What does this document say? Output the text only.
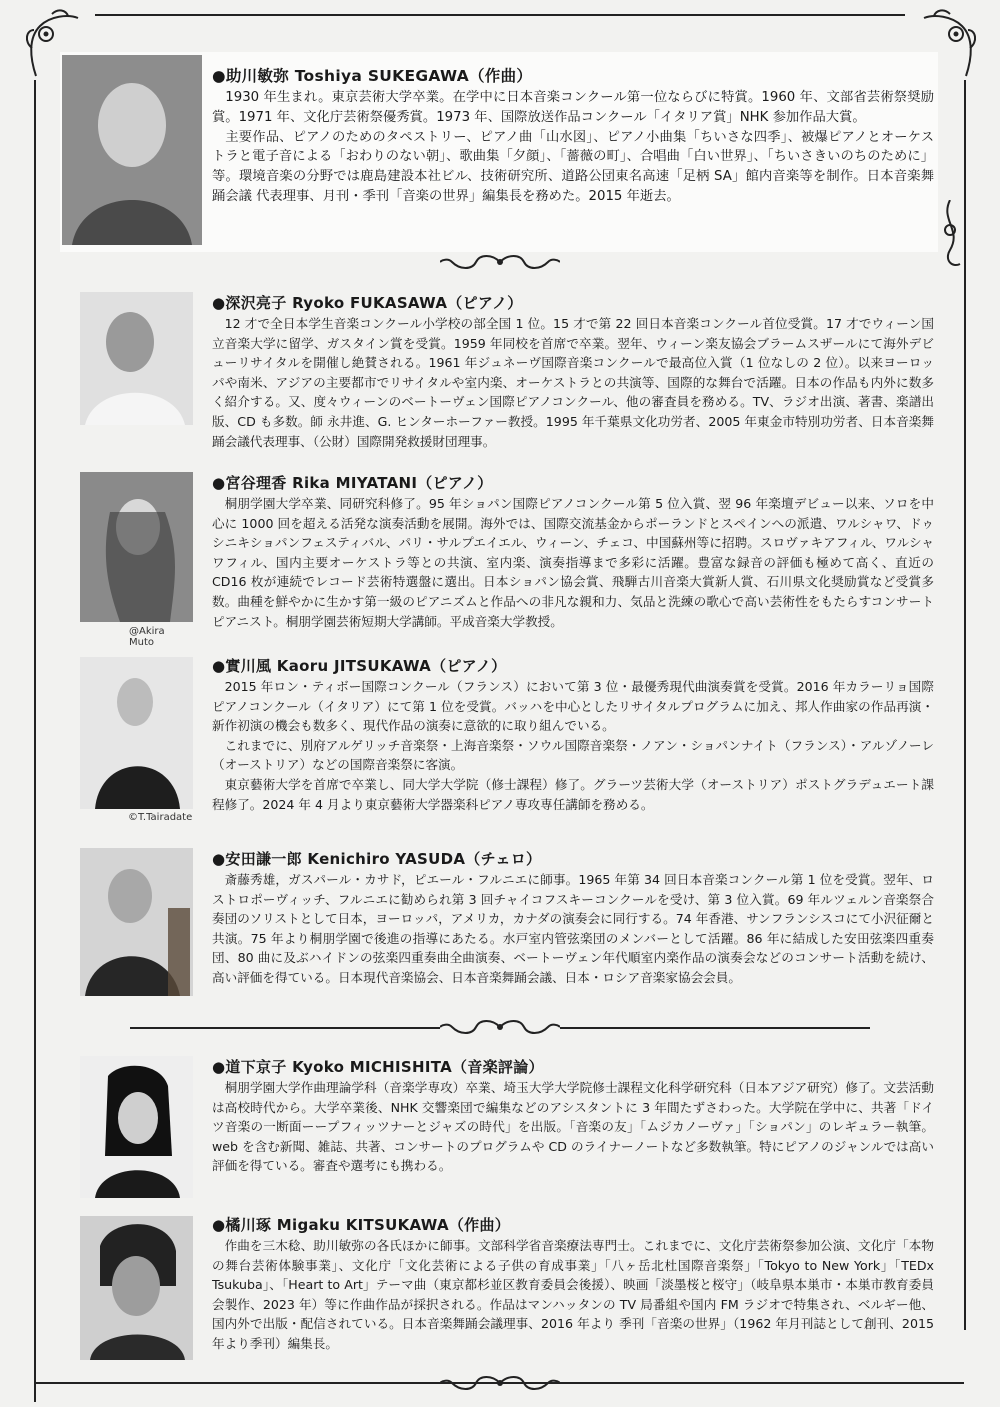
●助川敏弥 Toshiya SUKEGAWA（作曲）

1930 年生まれ。東京芸術大学卒業。在学中に日本音楽コンクール第一位ならびに特賞。1960 年、文部省芸術祭奨励賞。1971 年、文化庁芸術祭優秀賞。1973 年、国際放送作品コンクール「イタリア賞」NHK 参加作品大賞。

主要作品、ピアノのためのタペストリー、ピアノ曲「山水図」、ピアノ小曲集「ちいさな四季」、被爆ピアノとオーケストラと電子音による「おわりのない朝」、歌曲集「夕顔」、「薔薇の町」、合唱曲「白い世界」、「ちいさきいのちのために」等。環境音楽の分野では鹿島建設本社ビル、技術研究所、道路公団東名高速「足柄 SA」館内音楽等を制作。日本音楽舞踊会議 代表理事、月刊・季刊「音楽の世界」編集長を務めた。2015 年逝去。

●深沢亮子 Ryoko FUKASAWA（ピアノ）

12 才で全日本学生音楽コンクール小学校の部全国 1 位。15 才で第 22 回日本音楽コンクール首位受賞。17 才でウィーン国立音楽大学に留学、ガスタイン賞を受賞。1959 年同校を首席で卒業。翌年、ウィーン楽友協会ブラームスザールにて海外デビューリサイタルを開催し絶賛される。1961 年ジュネーヴ国際音楽コンクールで最高位入賞（1 位なしの 2 位）。以来ヨーロッパや南米、アジアの主要都市でリサイタルや室内楽、オーケストラとの共演等、国際的な舞台で活躍。日本の作品も内外に数多く紹介する。又、度々ウィーンのベートーヴェン国際ピアノコンクール、他の審査員を務める。TV、ラジオ出演、著書、楽譜出版、CD も多数。師 永井進、G. ヒンターホーファー教授。1995 年千葉県文化功労者、2005 年東金市特別功労者、日本音楽舞踊会議代表理事、（公財）国際開発救援財団理事。

@Akira Muto
●宮谷理香 Rika MIYATANI（ピアノ）

桐朋学園大学卒業、同研究科修了。95 年ショパン国際ピアノコンクール第 5 位入賞、翌 96 年楽壇デビュー以来、ソロを中心に 1000 回を超える活発な演奏活動を展開。海外では、国際交流基金からポーランドとスペインへの派遣、ワルシャワ、ドゥシニキショパンフェスティバル、パリ・サルプエイエル、ウィーン、チェコ、中国蘇州等に招聘。スロヴァキアフィル、ワルシャワフィル、国内主要オーケストラ等との共演、室内楽、演奏指導まで多彩に活躍。豊富な録音の評価も極めて高く、直近の CD16 枚が連続でレコード芸術特選盤に選出。日本ショパン協会賞、飛騨古川音楽大賞新人賞、石川県文化奨励賞など受賞多数。曲種を鮮やかに生かす第一級のピアニズムと作品への非凡な親和力、気品と洗練の歌心で高い芸術性をもたらすコンサートピアニスト。桐朋学園芸術短期大学講師。平成音楽大学教授。

©T.Tairadate
●實川風 Kaoru JITSUKAWA（ピアノ）

2015 年ロン・ティボー国際コンクール（フランス）において第 3 位・最優秀現代曲演奏賞を受賞。2016 年カラーリョ国際ピアノコンクール（イタリア）にて第 1 位を受賞。バッハを中心としたリサイタルプログラムに加え、邦人作曲家の作品再演・新作初演の機会も数多く、現代作品の演奏に意欲的に取り組んでいる。

これまでに、別府アルゲリッチ音楽祭・上海音楽祭・ソウル国際音楽祭・ノアン・ショパンナイト（フランス）・アルゾノーレ（オーストリア）などの国際音楽祭に客演。

東京藝術大学を首席で卒業し、同大学大学院（修士課程）修了。グラーツ芸術大学（オーストリア）ポストグラデュエート課程修了。2024 年 4 月より東京藝術大学器楽科ピアノ専攻専任講師を務める。

●安田謙一郎 Kenichiro YASUDA（チェロ）

斎藤秀雄，ガスパール・カサド，ピエール・フルニエに師事。1965 年第 34 回日本音楽コンクール第 1 位を受賞。翌年、ロストロポーヴィッチ、フルニエに勧められ第 3 回チャイコフスキーコンクールを受け、第 3 位入賞。69 年ルツェルン音楽祭合奏団のソリストとして日本，ヨーロッパ，アメリカ，カナダの演奏会に同行する。74 年香港、サンフランシスコにて小沢征爾と共演。75 年より桐朋学園で後進の指導にあたる。水戸室内管弦楽団のメンバーとして活躍。86 年に結成した安田弦楽四重奏団、80 曲に及ぶハイドンの弦楽四重奏曲全曲演奏、ベートーヴェン年代順室内楽作品の演奏会などのコンサート活動を続け、高い評価を得ている。日本現代音楽協会、日本音楽舞踊会議、日本・ロシア音楽家協会会員。

●道下京子 Kyoko MICHISHITA（音楽評論）

桐朋学園大学作曲理論学科（音楽学専攻）卒業、埼玉大学大学院修士課程文化科学研究科（日本アジア研究）修了。文芸活動は高校時代から。大学卒業後、NHK 交響楽団で編集などのアシスタントに 3 年間たずさわった。大学院在学中に、共著「ドイツ音楽の一断面ーープフィッツナーとジャズの時代」を出版。「音楽の友」「ムジカノーヴァ」「ショパン」のレギュラー執筆。web を含む新聞、雑誌、共著、コンサートのプログラムや CD のライナーノートなど多数執筆。特にピアノのジャンルでは高い評価を得ている。審査や選考にも携わる。

●橘川琢 Migaku KITSUKAWA（作曲）

作曲を三木稔、助川敏弥の各氏ほかに師事。文部科学省音楽療法専門士。これまでに、文化庁芸術祭参加公演、文化庁「本物の舞台芸術体験事業」、文化庁「文化芸術による子供の育成事業」「八ヶ岳北杜国際音楽祭」「Tokyo to New York」「TEDx Tsukuba」、「Heart to Art」テーマ曲（東京都杉並区教育委員会後援）、映画「淡墨桜と桜守」（岐阜県本巣市・本巣市教育委員会製作、2023 年）等に作曲作品が採択される。作品はマンハッタンの TV 局番組や国内 FM ラジオで特集され、ベルギー他、国内外で出版・配信されている。日本音楽舞踊会議理事、2016 年より 季刊「音楽の世界」（1962 年月刊誌として創刊、2015 年より季刊）編集長。
